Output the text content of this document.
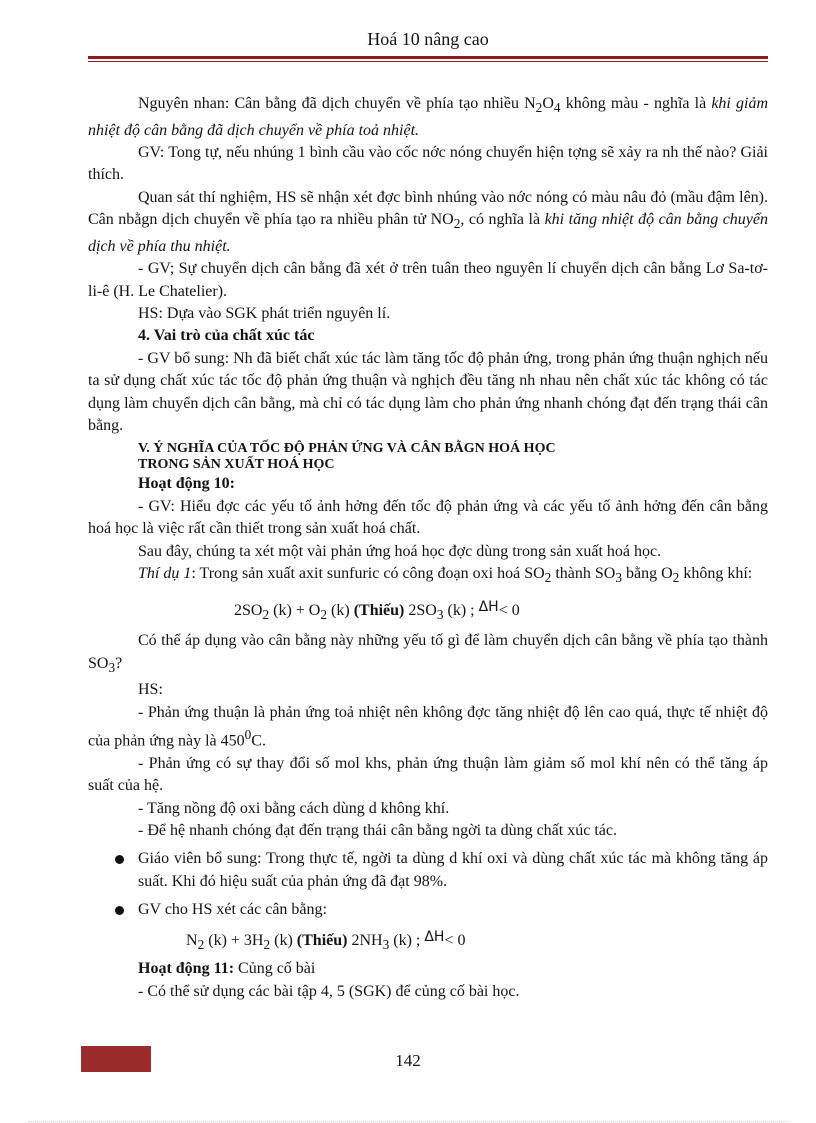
Hoá 10 nâng cao

Nguyên nhan: Cân bằng đã dịch chuyển về phía tạo nhiều $N_2O_4$ không màu - nghĩa là khi giảm nhiệt độ cân bằng đã dịch chuyển về phía toả nhiệt.

GV: Tong tự, nếu nhúng 1 bình cầu vào cốc nớc nóng chuyển hiện tợng sẽ xảy ra nh thế nào? Giải thích.

Quan sát thí nghiệm, HS sẽ nhận xét đợc bình nhúng vào nớc nóng có màu nâu đỏ (mầu đậm lên). Cân nbằgn dịch chuyển về phía tạo ra nhiều phân tử $NO_2$, có nghĩa là khi tăng nhiệt độ cân bằng chuyển dịch về phía thu nhiệt.

- GV; Sự chuyển dịch cân bằng đã xét ở trên tuân theo nguyên lí chuyển dịch cân bằng Lơ Sa-tơ-li-ê (H. Le Chatelier).

HS: Dựa vào SGK phát triển nguyên lí.

4. Vai trò của chất xúc tác

- GV bổ sung: Nh đã biết chất xúc tác làm tăng tốc độ phản ứng, trong phản ứng thuận nghịch nếu ta sử dụng chất xúc tác tốc độ phản ứng thuận và nghịch đều tăng nh nhau nên chất xúc tác không có tác dụng làm chuyển dịch cân bằng, mà chỉ có tác dụng làm cho phản ứng nhanh chóng đạt đến trạng thái cân bằng.

V. Ý NGHĨA CỦA TỐC ĐỘ PHẢN ỨNG VÀ CÂN BẰGN HOÁ HỌC

TRONG SẢN XUẤT HOÁ HỌC

Hoạt động 10:

- GV: Hiểu đợc các yếu tố ảnh hởng đến tốc độ phản ứng và các yếu tố ảnh hởng đến cân bằng hoá học là việc rất cần thiết trong sản xuất hoá chất.

Sau đây, chúng ta xét một vài phản ứng hoá học đợc dùng trong sản xuất hoá học.

Thí dụ 1: Trong sản xuất axit sunfuric có công đoạn oxi hoá $SO_2$ thành $SO_3$ bằng $O_2$ không khí:

$2SO_2$ $(k) + O_2$ (k) (Thiếu) $2SO_3$ (k) ; ΔH< 0

Có thể áp dụng vào cân bằng này những yếu tố gì để làm chuyển dịch cân bằng về phía tạo thành $SO_3$?

HS:

- Phản ứng thuận là phản ứng toả nhiệt nên không đợc tăng nhiệt độ lên cao quá, thực tế nhiệt độ của phản ứng này là $450^0C$.

- Phản ứng có sự thay đổi số mol khs, phản ứng thuận làm giảm số mol khí nên có thể tăng áp suất của hệ.

- Tăng nồng độ oxi bằng cách dùng d không khí.

- Để hệ nhanh chóng đạt đến trạng thái cân bằng ngời ta dùng chất xúc tác.

Giáo viên bổ sung: Trong thực tế, ngời ta dùng d khí oxi và dùng chất xúc tác mà không tăng áp suất. Khi đó hiệu suất của phản ứng đã đạt 98%.
GV cho HS xét các cân bằng:
$N_2$ $(k) + 3H_2$ (k) (Thiếu) $2NH_3$ (k) ; ΔH< 0

Hoạt động 11: Củng cố bài

- Có thể sử dụng các bài tập 4, 5 (SGK) để củng cố bài học.

142
